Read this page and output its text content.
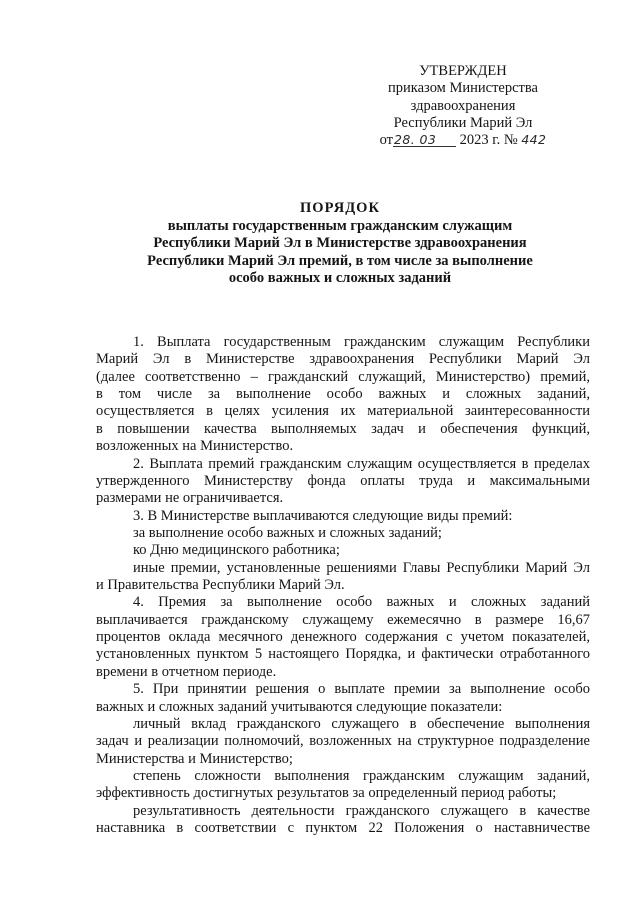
УТВЕРЖДЕН
приказом Министерства
здравоохранения
Республики Марий Эл
от28. 03 2023 г. № 442
ПОРЯДОК
выплаты государственным гражданским служащим
Республики Марий Эл в Министерстве здравоохранения
Республики Марий Эл премий, в том числе за выполнение
особо важных и сложных заданий
1. Выплата государственным гражданским служащим Республики
Марий Эл в Министерстве здравоохранения Республики Марий Эл
(далее соответственно – гражданский служащий, Министерство) премий,
в том числе за выполнение особо важных и сложных заданий,
осуществляется в целях усиления их материальной заинтересованности
в повышении качества выполняемых задач и обеспечения функций,
возложенных на Министерство.
2. Выплата премий гражданским служащим осуществляется в пределах
утвержденного Министерству фонда оплаты труда и максимальными
размерами не ограничивается.
3. В Министерстве выплачиваются следующие виды премий:
за выполнение особо важных и сложных заданий;
ко Дню медицинского работника;
иные премии, установленные решениями Главы Республики Марий Эл
и Правительства Республики Марий Эл.
4. Премия за выполнение особо важных и сложных заданий
выплачивается гражданскому служащему ежемесячно в размере 16,67
процентов оклада месячного денежного содержания с учетом показателей,
установленных пунктом 5 настоящего Порядка, и фактически отработанного
времени в отчетном периоде.
5. При принятии решения о выплате премии за выполнение особо
важных и сложных заданий учитываются следующие показатели:
личный вклад гражданского служащего в обеспечение выполнения
задач и реализации полномочий, возложенных на структурное подразделение
Министерства и Министерство;
степень сложности выполнения гражданским служащим заданий,
эффективность достигнутых результатов за определенный период работы;
результативность деятельности гражданского служащего в качестве
наставника в соответствии с пунктом 22 Положения о наставничестве
